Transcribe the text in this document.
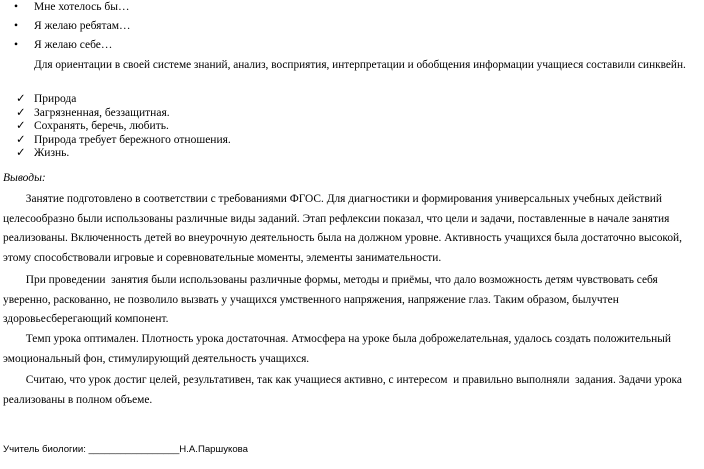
• Мне хотелось бы…
• Я желаю ребятам…
• Я желаю себе…
Для ориентации в своей системе знаний, анализ, восприятия, интерпретации и обобщения информации учащиеся составили синквейн.
✓ Природа
✓ Загрязненная, беззащитная.
✓ Сохранять, беречь, любить.
✓ Природа требует бережного отношения.
✓ Жизнь.
Выводы:
Занятие подготовлено в соответствии с требованиями ФГОС. Для диагностики и формирования универсальных учебных действий
целесообразно были использованы различные виды заданий. Этап рефлексии показал, что цели и задачи, поставленные в начале занятия
реализованы. Включенность детей во внеурочную деятельность была на должном уровне. Активность учащихся была достаточно высокой,
этому способствовали игровые и соревновательные моменты, элементы занимательности.
При проведении  занятия были использованы различные формы, методы и приёмы, что дало возможность детям чувствовать себя
уверенно, раскованно, не позволило вызвать у учащихся умственного напряжения, напряжение глаз. Таким образом, былучтен
здоровьесберегающий компонент.
Темп урока оптимален. Плотность урока достаточная. Атмосфера на уроке была доброжелательная, удалось создать положительный
эмоциональный фон, стимулирующий деятельность учащихся.
Считаю, что урок достиг целей, результативен, так как учащиеся активно, с интересом  и правильно выполняли  задания. Задачи урока
реализованы в полном объеме.
Учитель биологии: _________________Н.А.Паршукова
